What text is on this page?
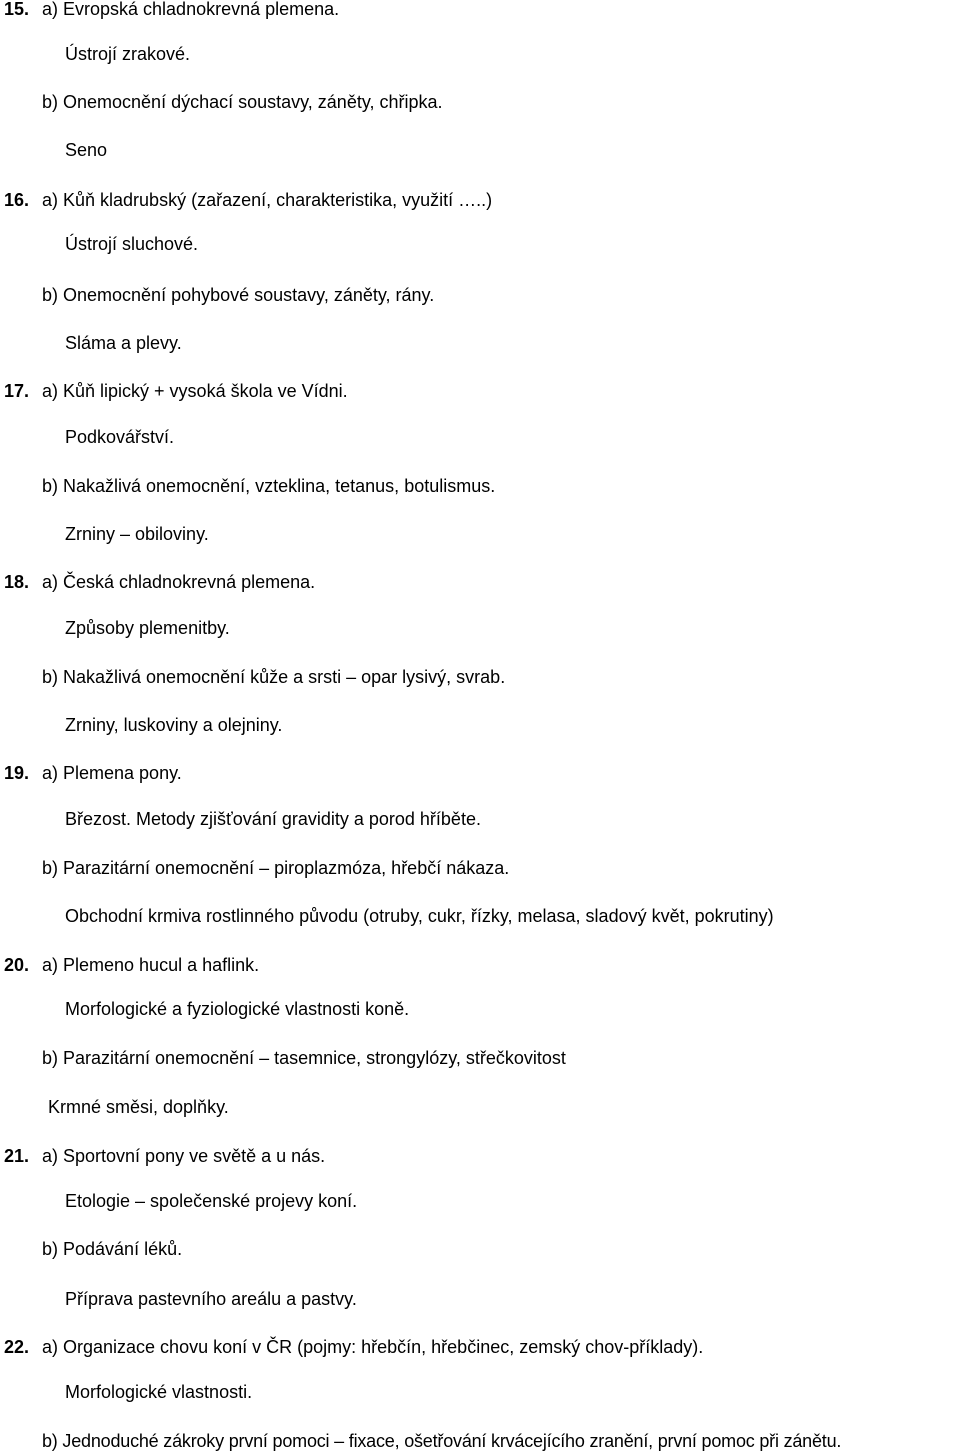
15. a) Evropská chladnokrevná plemena.
Ústrojí zrakové.
b) Onemocnění dýchací soustavy, záněty, chřipka.
Seno
16. a) Kůň kladrubský (zařazení, charakteristika, využití …..)
Ústrojí sluchové.
b) Onemocnění pohybové soustavy, záněty, rány.
Sláma a plevy.
17. a) Kůň lipický + vysoká škola ve Vídni.
Podkovářství.
b) Nakažlivá onemocnění, vzteklina, tetanus, botulismus.
Zrniny – obiloviny.
18. a) Česká chladnokrevná plemena.
Způsoby plemenitby.
b) Nakažlivá onemocnění kůže a srsti – opar lysivý, svrab.
Zrniny, luskoviny a olejniny.
19. a) Plemena pony.
Březost. Metody zjišťování gravidity a porod hříběte.
b) Parazitární onemocnění – piroplazmóza, hřebčí nákaza.
Obchodní krmiva rostlinného původu (otruby, cukr, řízky, melasa, sladový květ, pokrutiny)
20. a) Plemeno hucul a haflink.
Morfologické a fyziologické vlastnosti koně.
b) Parazitární onemocnění – tasemnice, strongylózy, střečkovitost
Krmné směsi, doplňky.
21. a) Sportovní pony ve světě a u nás.
Etologie – společenské projevy koní.
b) Podávání léků.
Příprava pastevního areálu a pastvy.
22. a) Organizace chovu koní v ČR (pojmy: hřebčín, hřebčinec, zemský chov-příklady).
Morfologické vlastnosti.
b) Jednoduché zákroky první pomoci – fixace, ošetřování krvácejícího zranění, první pomoc při zánětu.
